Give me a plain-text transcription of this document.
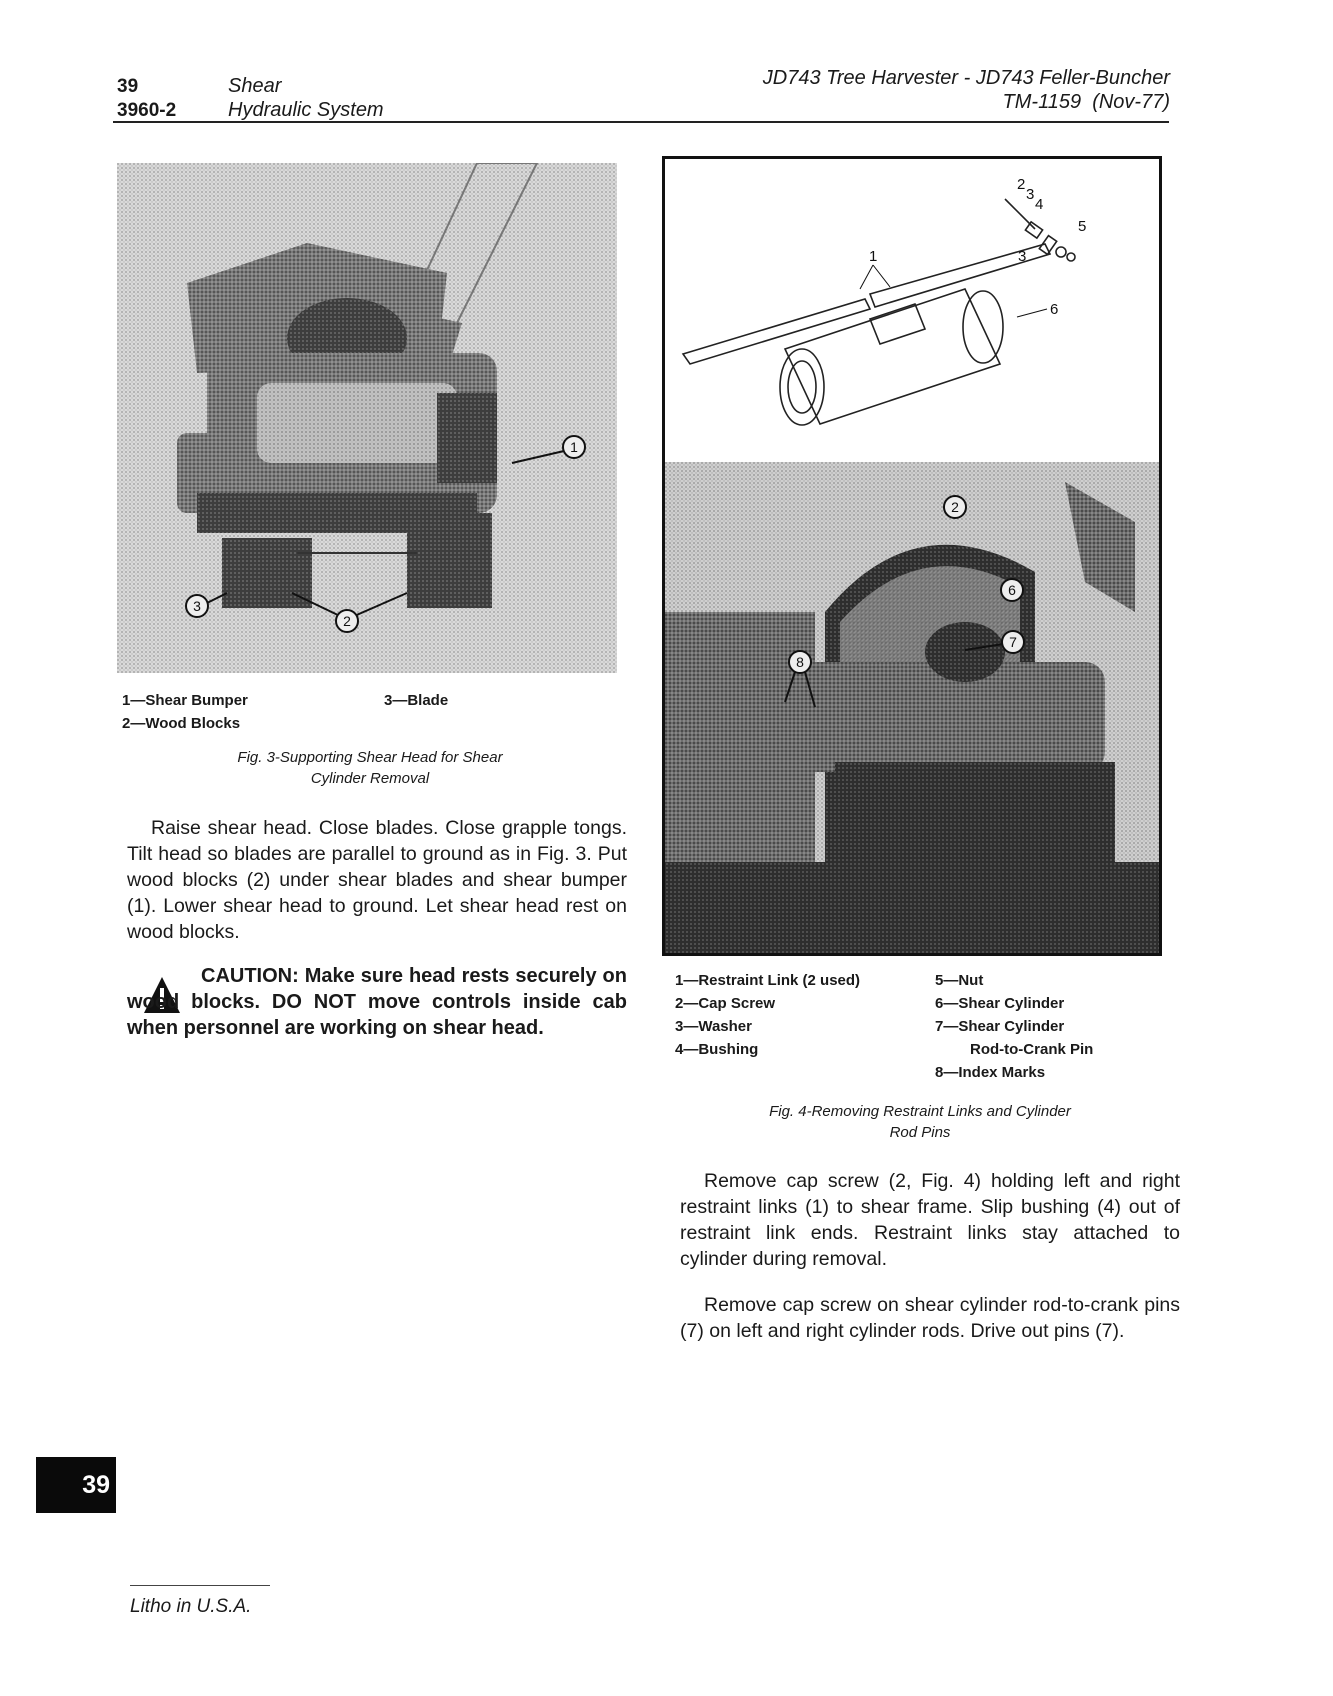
39
3960-2
Shear
Hydraulic System
JD743 Tree Harvester - JD743 Feller-Buncher
TM-1159 (Nov-77)
1
2
3
1—Shear Bumper
2—Wood Blocks
3—Blade
Fig. 3-Supporting Shear Head for Shear
Cylinder Removal
Raise shear head. Close blades. Close grapple tongs. Tilt head so blades are parallel to ground as in Fig. 3. Put wood blocks (2) under shear blades and shear bumper (1). Lower shear head to ground. Let shear head rest on wood blocks.
CAUTION: Make sure head rests securely on wood blocks. DO NOT move controls inside cab when personnel are working on shear head.
2
3
4
5
3
1
6
2
6
7
8
1—Restraint Link (2 used)
2—Cap Screw
3—Washer
4—Bushing
5—Nut
6—Shear Cylinder
7—Shear Cylinder
Rod-to-Crank Pin
8—Index Marks
Fig. 4-Removing Restraint Links and Cylinder
Rod Pins
Remove cap screw (2, Fig. 4) holding left and right restraint links (1) to shear frame. Slip bushing (4) out of restraint link ends. Restraint links stay attached to cylinder during removal.
Remove cap screw on shear cylinder rod-to-crank pins (7) on left and right cylinder rods. Drive out pins (7).
39
Litho in U.S.A.
